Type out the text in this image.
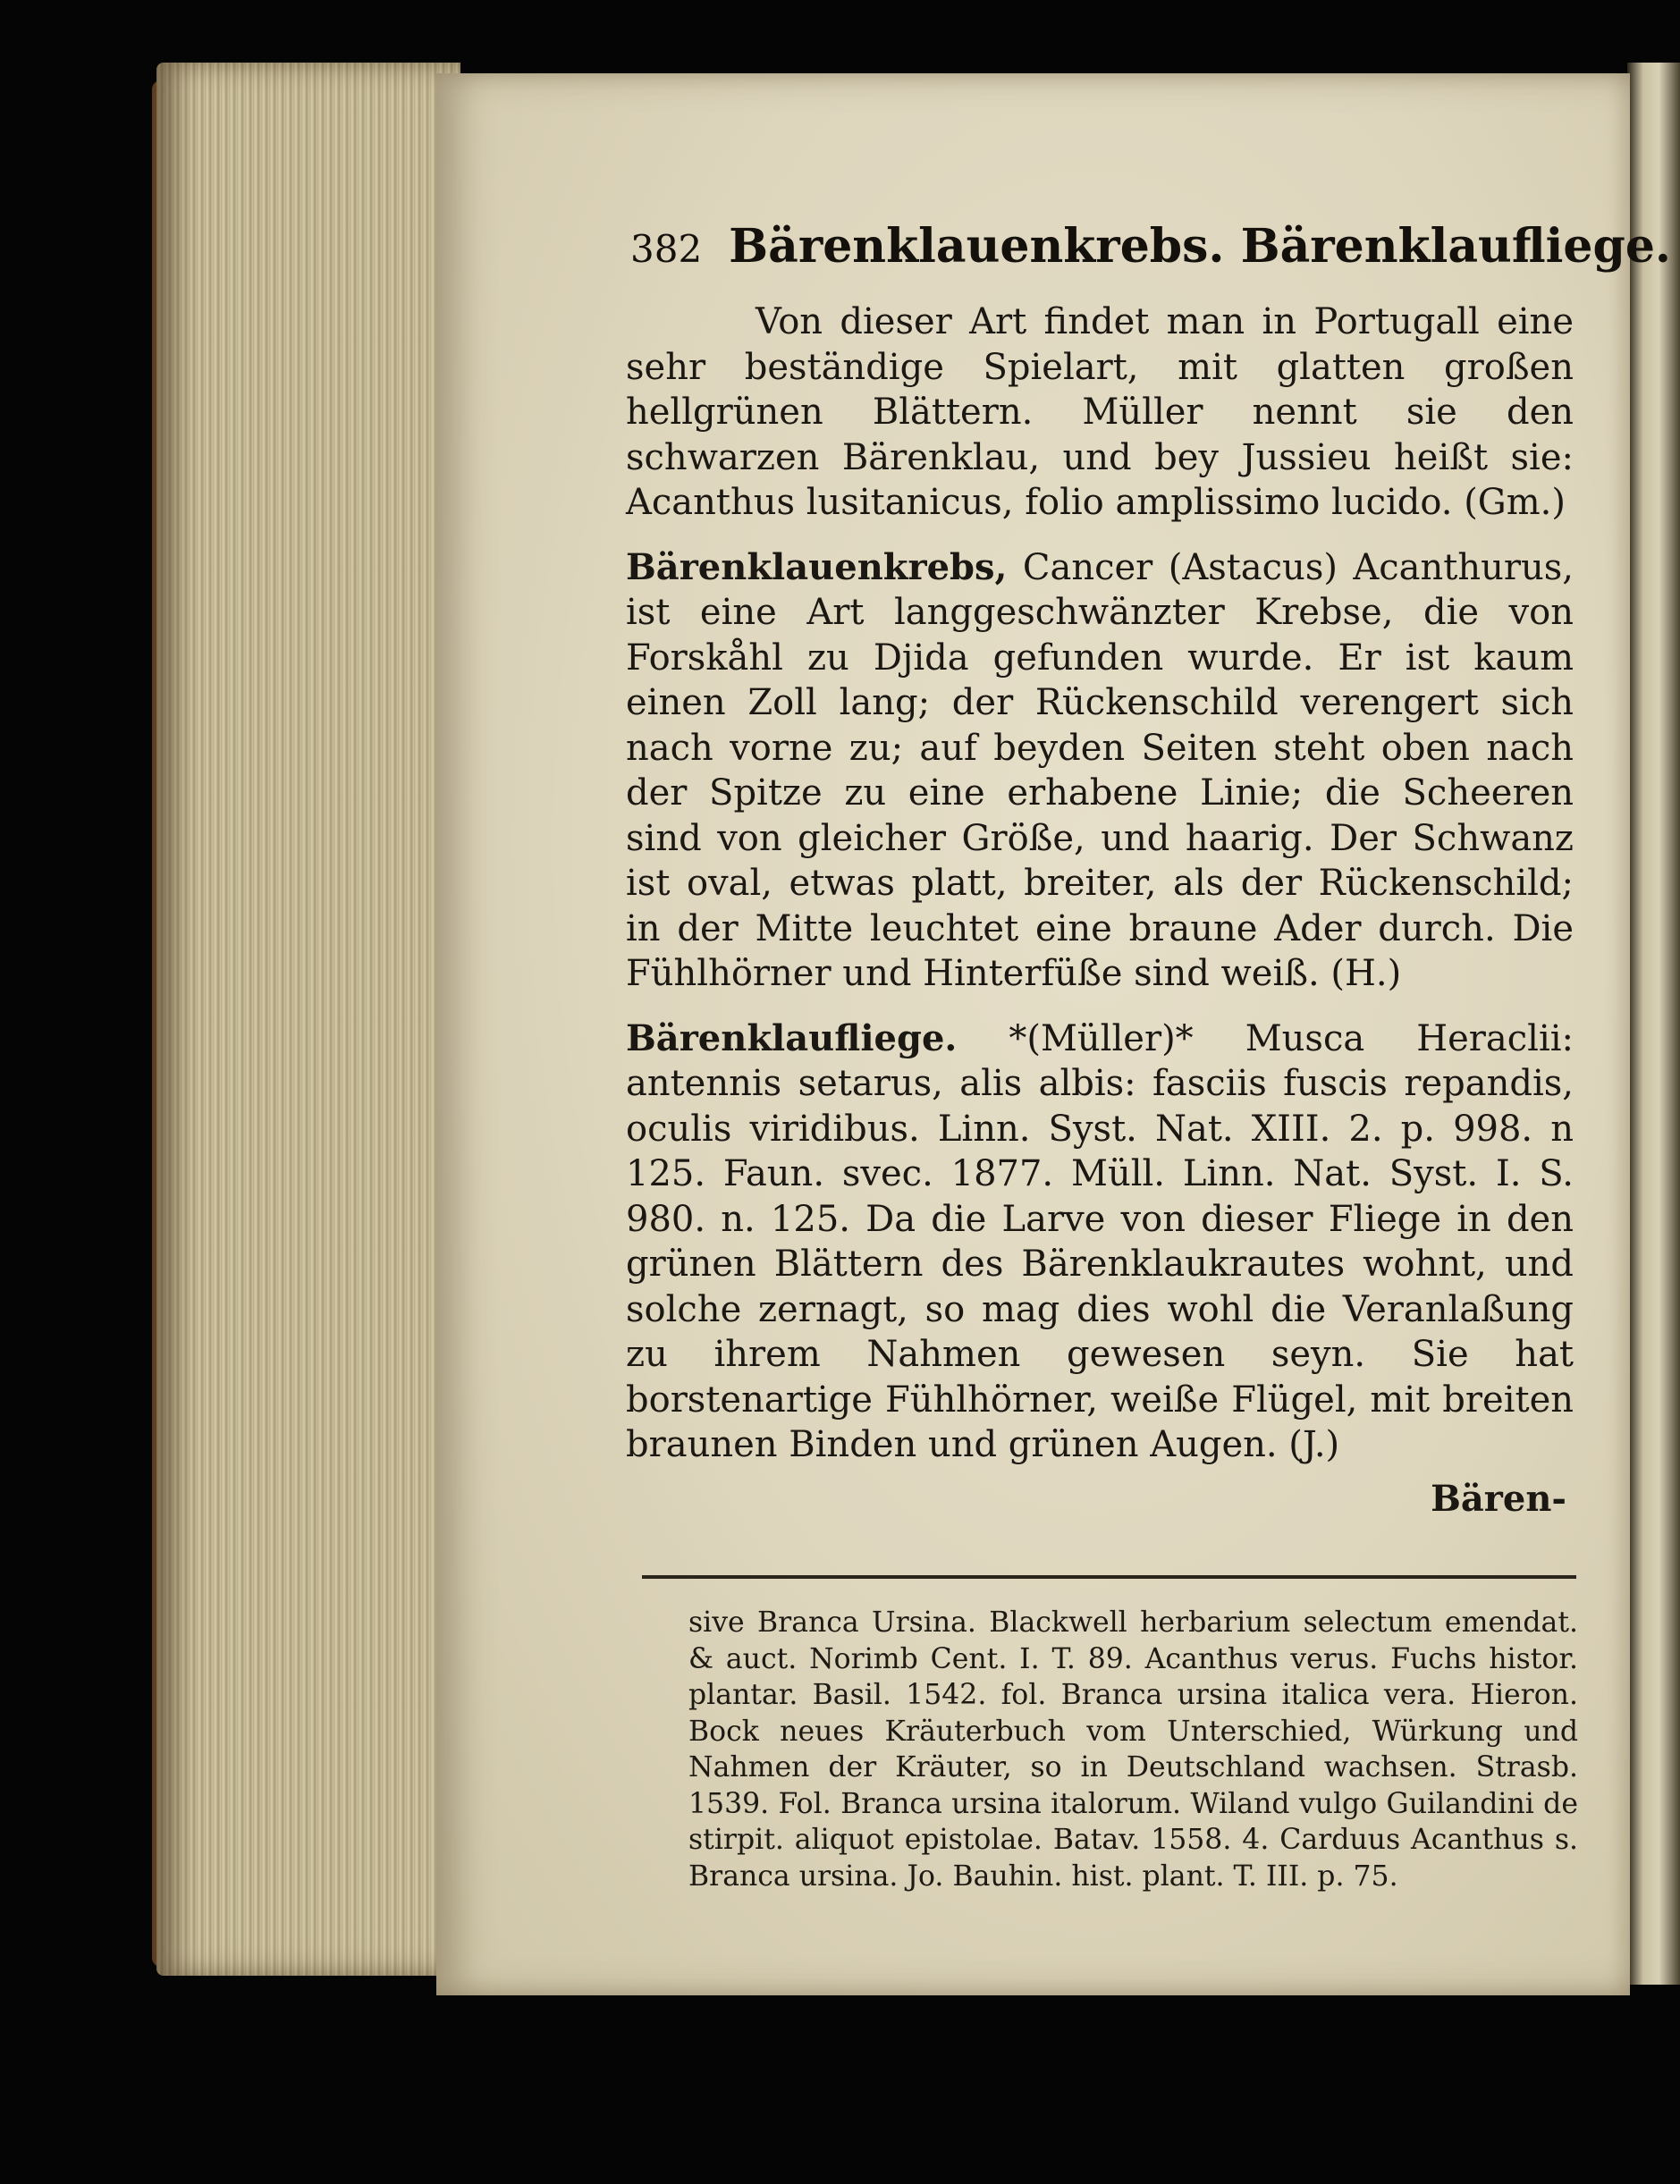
382 Bärenklauenkrebs. Bärenklaufliege.

Von dieser Art findet man in Portugall eine sehr beständige Spielart, mit glatten großen hellgrünen Blättern. Müller nennt sie den schwarzen Bärenklau, und bey Jussieu heißt sie: Acanthus lusitanicus, folio amplissimo lucido. (Gm.)

Bärenklauenkrebs, Cancer (Astacus) Acanthurus, ist eine Art langgeschwänzter Krebse, die von Forskåhl zu Djida gefunden wurde. Er ist kaum einen Zoll lang; der Rückenschild verengert sich nach vorne zu; auf beyden Seiten steht oben nach der Spitze zu eine erhabene Linie; die Scheeren sind von gleicher Größe, und haarig. Der Schwanz ist oval, etwas platt, breiter, als der Rückenschild; in der Mitte leuchtet eine braune Ader durch. Die Fühlhörner und Hinterfüße sind weiß. (H.)

Bärenklaufliege. *(Müller)* Musca Heraclii: antennis setarus, alis albis: fasciis fuscis repandis, oculis viridibus. Linn. Syst. Nat. XIII. 2. p. 998. n 125. Faun. svec. 1877. Müll. Linn. Nat. Syst. I. S. 980. n. 125. Da die Larve von dieser Fliege in den grünen Blättern des Bärenklaukrautes wohnt, und solche zernagt, so mag dies wohl die Veranlaßung zu ihrem Nahmen gewesen seyn. Sie hat borstenartige Fühlhörner, weiße Flügel, mit breiten braunen Binden und grünen Augen. (J.)

Bären-

sive Branca Ursina. Blackwell herbarium selectum emendat. & auct. Norimb Cent. I. T. 89. Acanthus verus. Fuchs histor. plantar. Basil. 1542. fol. Branca ursina italica vera. Hieron. Bock neues Kräuterbuch vom Unterschied, Würkung und Nahmen der Kräuter, so in Deutschland wachsen. Strasb. 1539. Fol. Branca ursina italorum. Wiland vulgo Guilandini de stirpit. aliquot epistolae. Batav. 1558. 4. Carduus Acanthus s. Branca ursina. Jo. Bauhin. hist. plant. T. III. p. 75.
